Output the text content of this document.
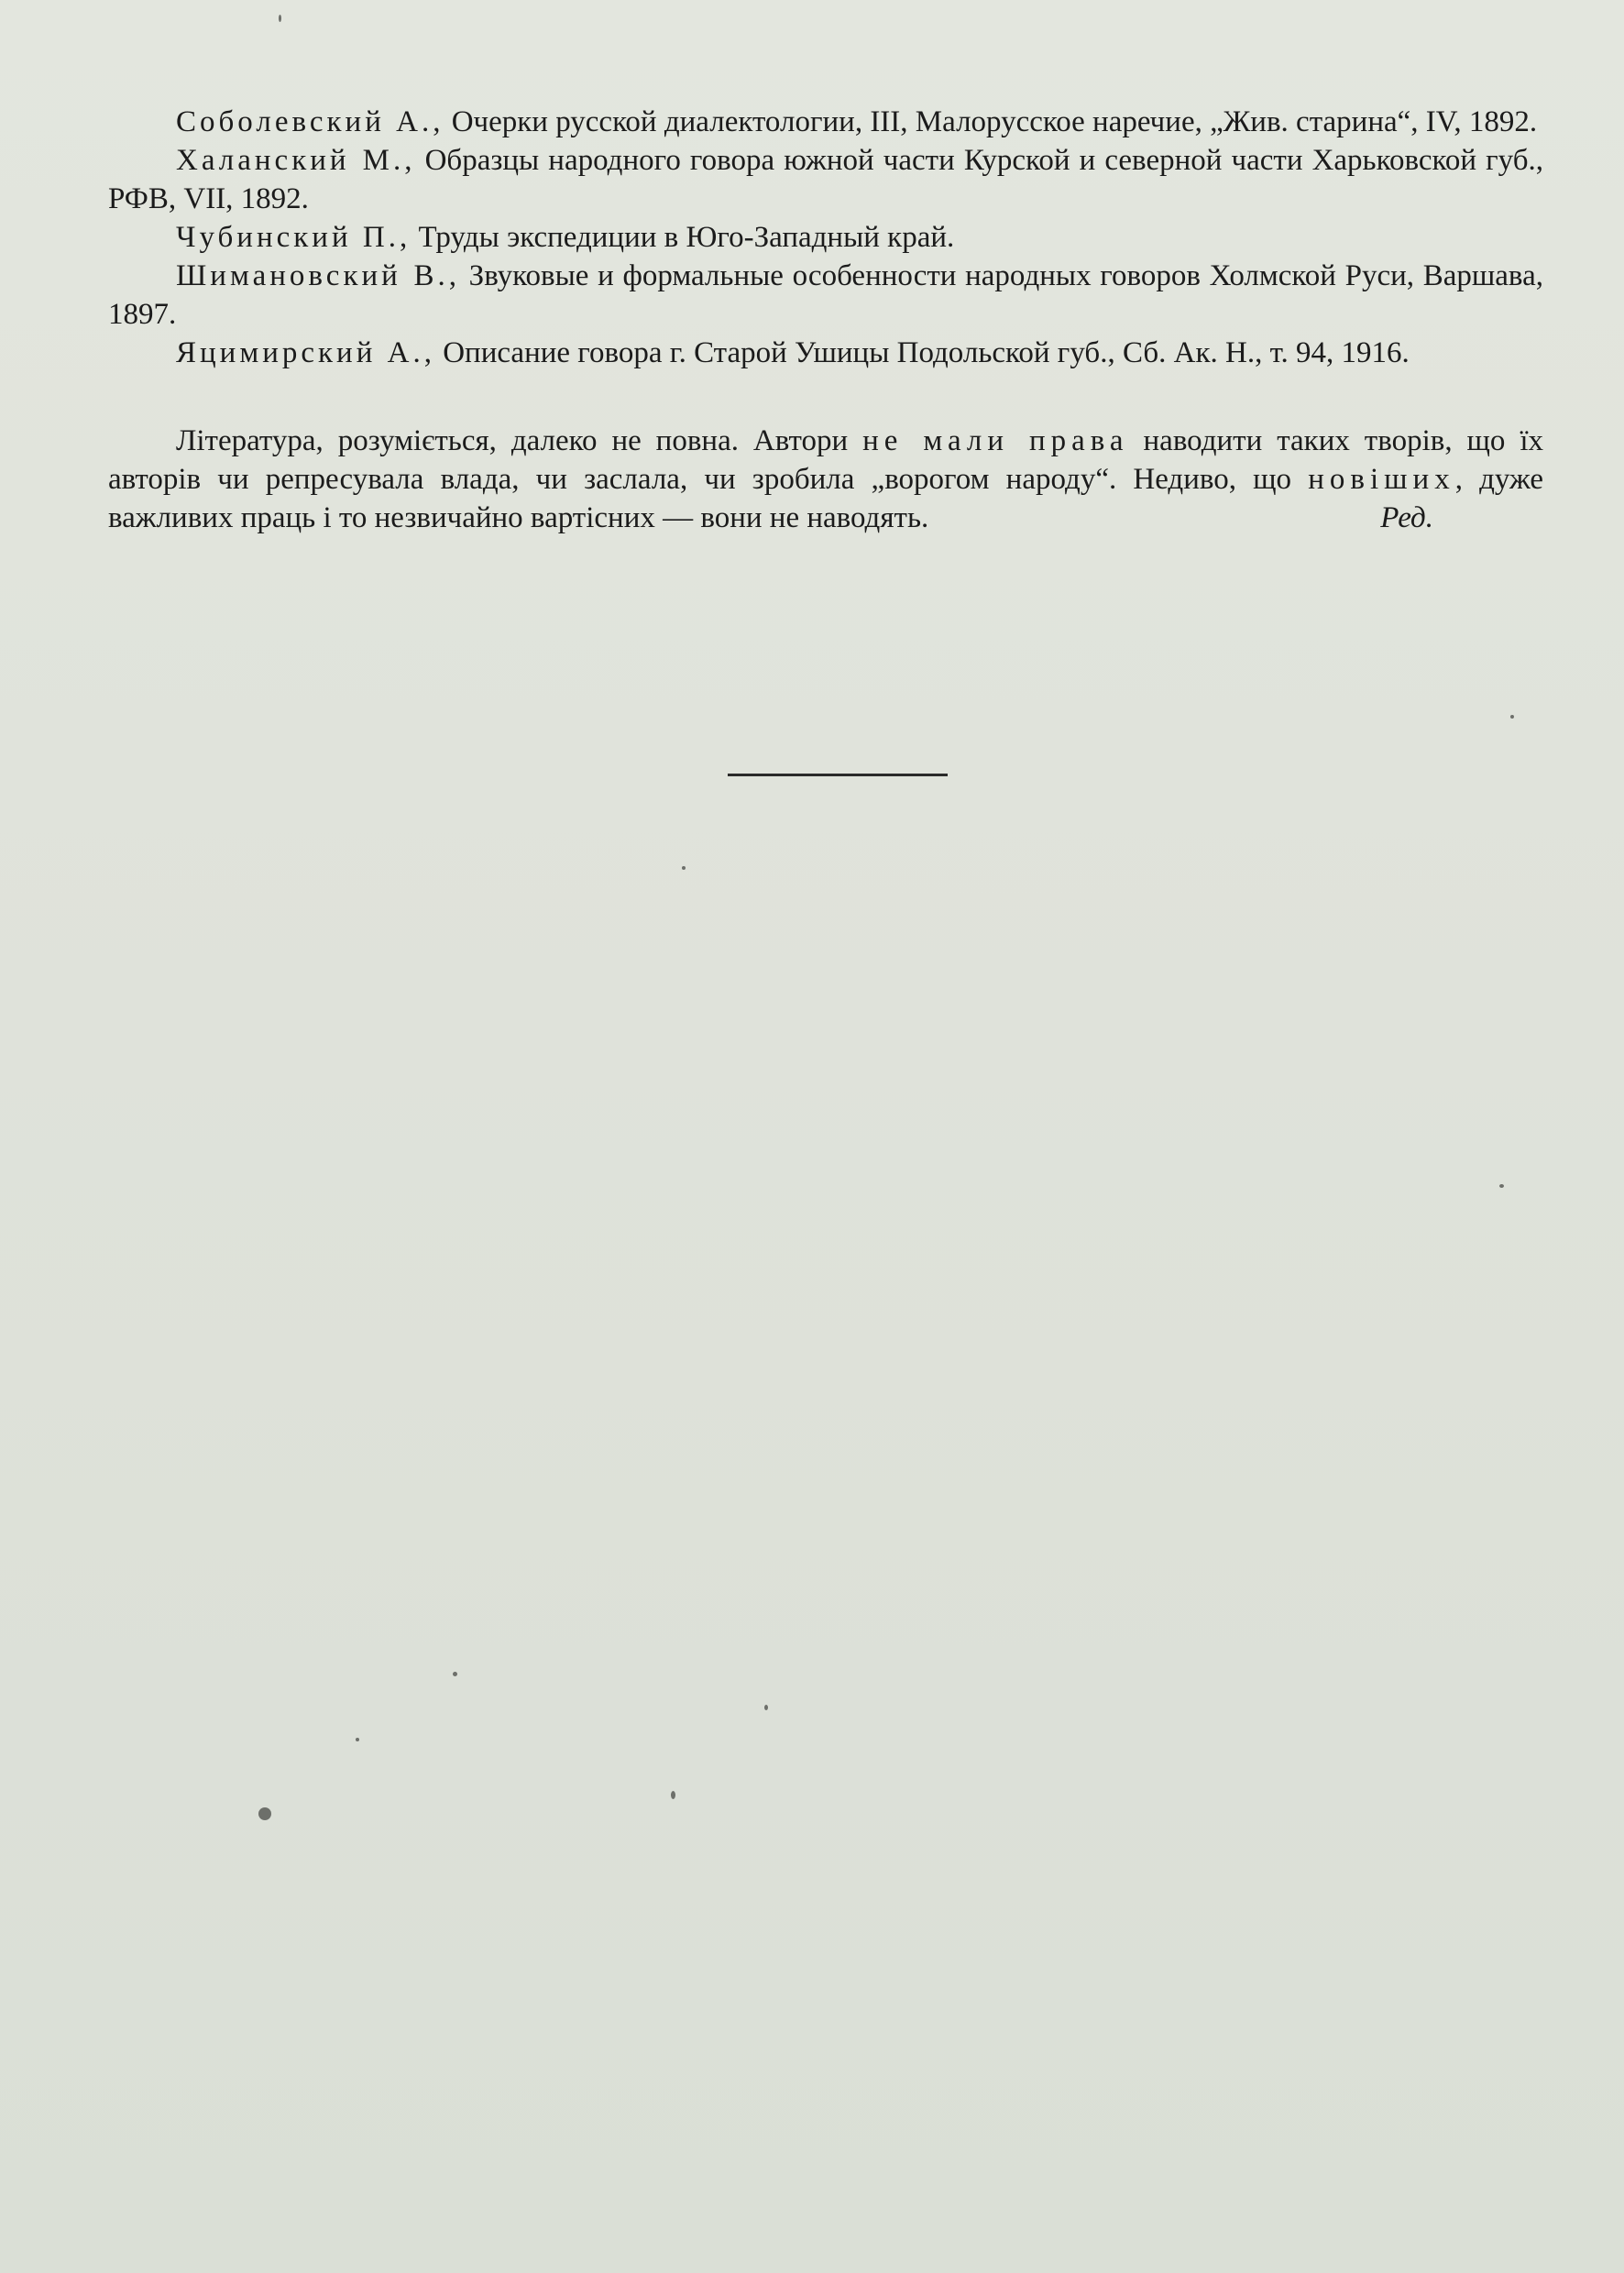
Соболевский А., Очерки русской диалектологии, III, Малорусское наречие, „Жив. старина“, IV, 1892.

Халанский М., Образцы народного говора южной части Курской и северной части Харьковской губ., РФВ, VII, 1892.

Чубинский П., Труды экспедиции в Юго-Западный край.

Шимановский В., Звуковые и формальные особенности народных говоров Холмской Руси, Варшава, 1897.

Яцимирский А., Описание говора г. Старой Ушицы Подольской губ., Сб. Ак. Н., т. 94, 1916.

Література, розуміється, далеко не повна. Автори не мали права наводити таких творів, що їх авторів чи репресувала влада, чи заслала, чи зробила „ворогом народу“. Недиво, що новіших, дуже важливих праць і то незвичайно вартісних — вони не наводять.	Ред.
